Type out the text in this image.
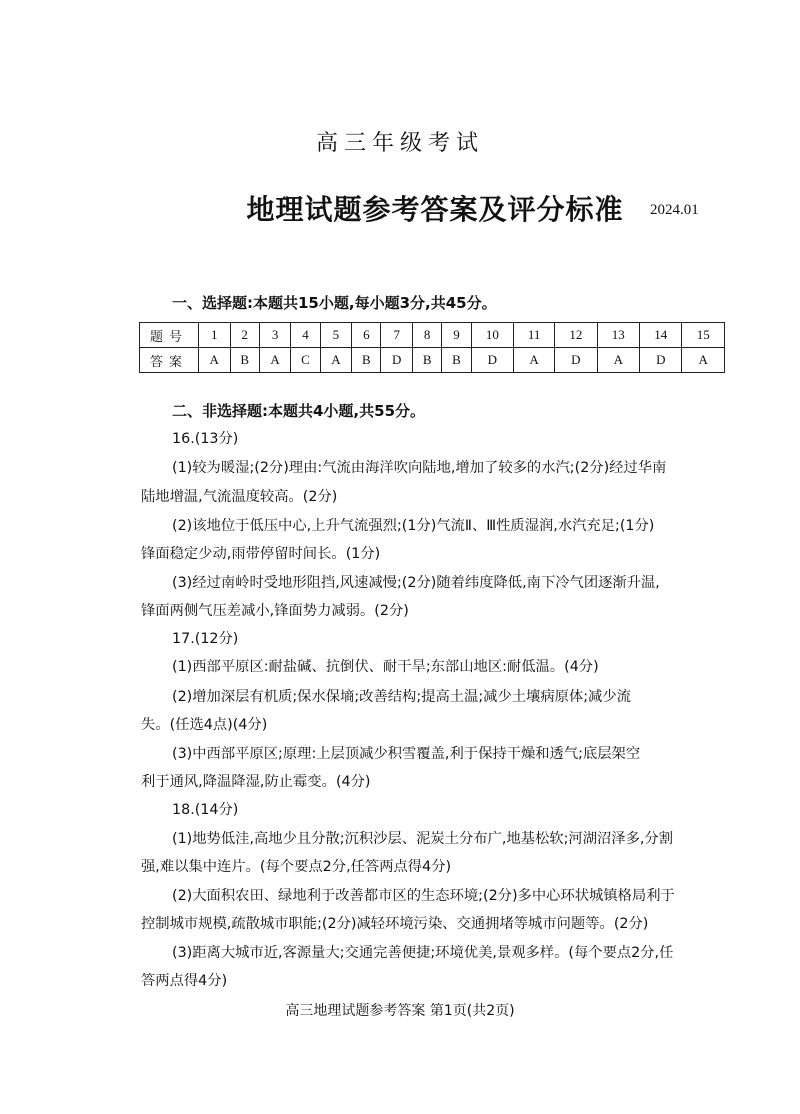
高三年级考试
地理试题参考答案及评分标准	2024.01
一、选择题:本题共15小题,每小题3分,共45分。
题号	1	2	3	4	5	6	7	8	9	10	11	12	13	14	15
答案	A	B	A	C	A	B	D	B	B	D	A	D	A	D	A
二、非选择题:本题共4小题,共55分。
16.(13分)
(1)较为暖湿;(2分)理由:气流由海洋吹向陆地,增加了较多的水汽;(2分)经过华南
陆地增温,气流温度较高。(2分)
(2)该地位于低压中心,上升气流强烈;(1分)气流Ⅱ、Ⅲ性质湿润,水汽充足;(1分)
锋面稳定少动,雨带停留时间长。(1分)
(3)经过南岭时受地形阻挡,风速减慢;(2分)随着纬度降低,南下冷气团逐渐升温,
锋面两侧气压差减小,锋面势力减弱。(2分)
17.(12分)
(1)西部平原区:耐盐碱、抗倒伏、耐干旱;东部山地区:耐低温。(4分)
(2)增加深层有机质;保水保墒;改善结构;提高土温;减少土壤病原体;减少流
失。(任选4点)(4分)
(3)中西部平原区;原理:上层顶减少积雪覆盖,利于保持干燥和透气;底层架空
利于通风,降温降湿,防止霉变。(4分)
18.(14分)
(1)地势低洼,高地少且分散;沉积沙层、泥炭土分布广,地基松软;河湖沼泽多,分割
强,难以集中连片。(每个要点2分,任答两点得4分)
(2)大面积农田、绿地利于改善都市区的生态环境;(2分)多中心环状城镇格局利于
控制城市规模,疏散城市职能;(2分)减轻环境污染、交通拥堵等城市问题等。(2分)
(3)距离大城市近,客源量大;交通完善便捷;环境优美,景观多样。(每个要点2分,任
答两点得4分)
高三地理试题参考答案 第1页(共2页)
